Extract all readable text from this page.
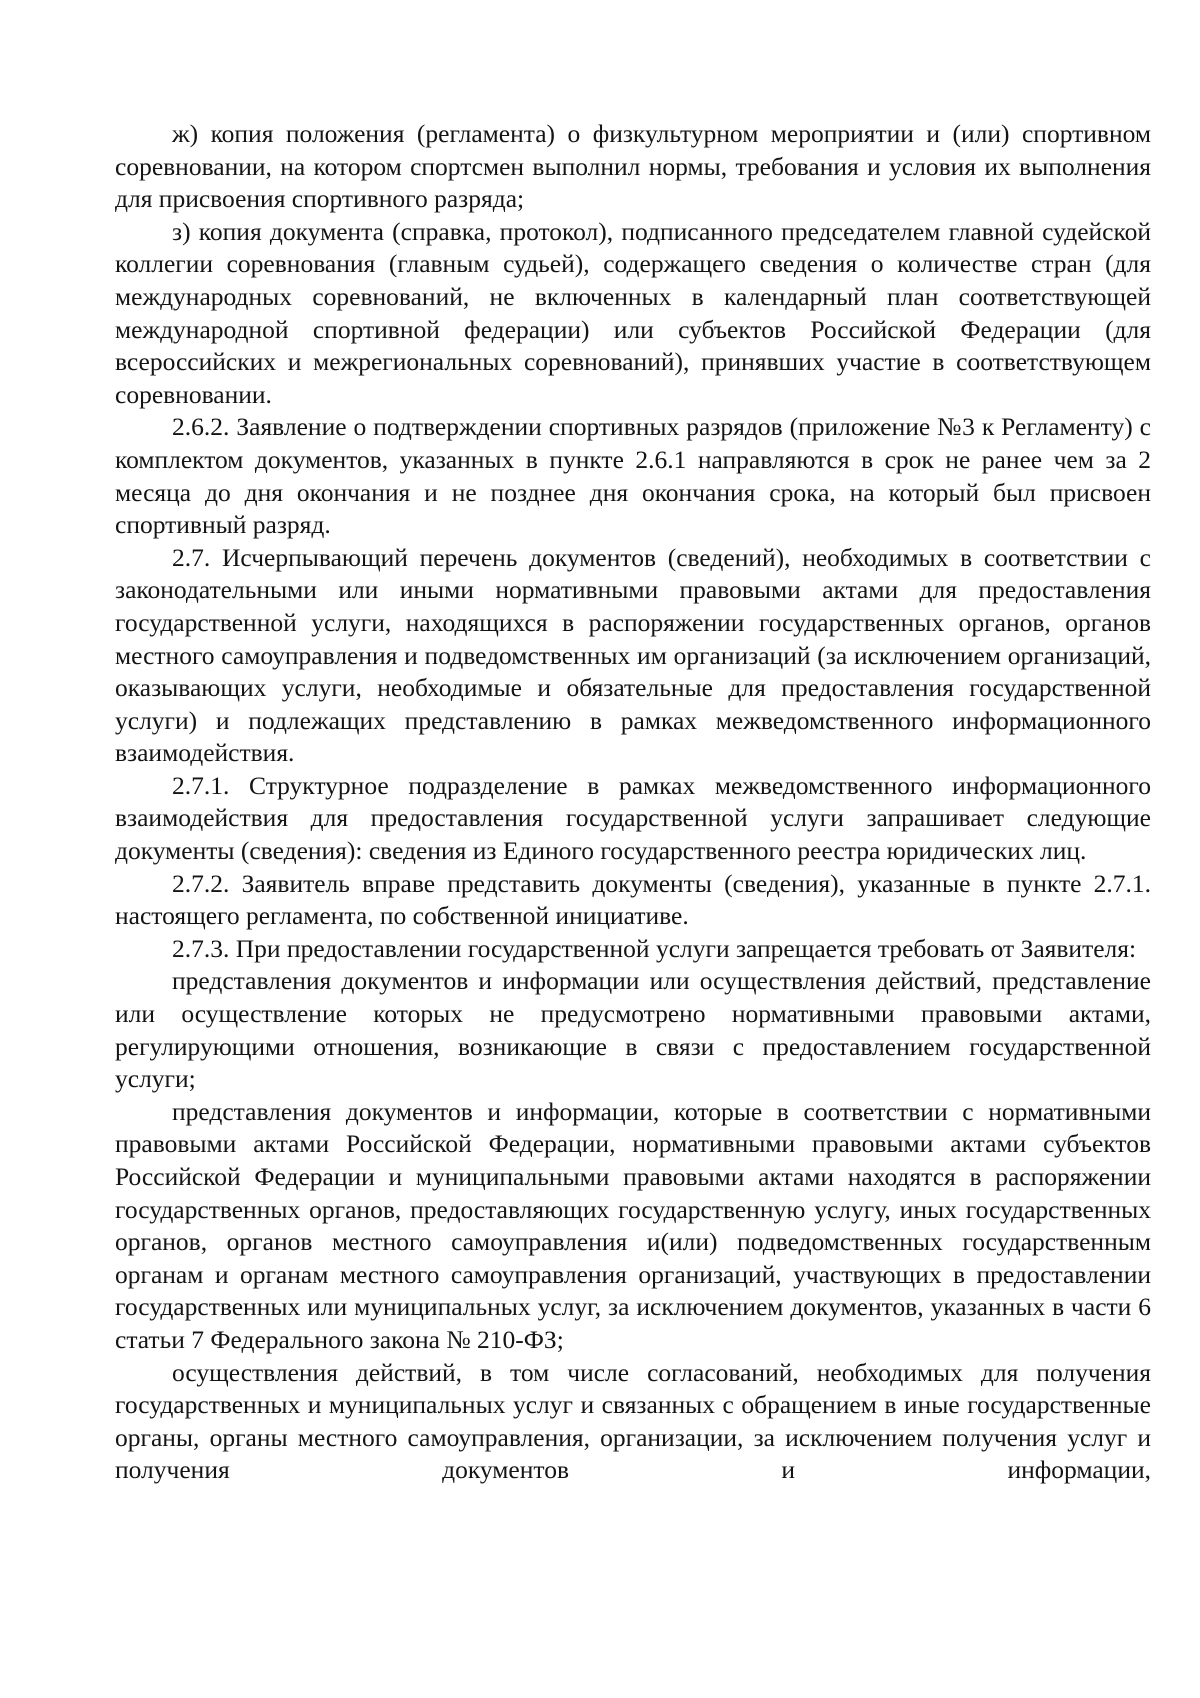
ж) копия положения (регламента) о физкультурном мероприятии и (или) спортивном соревновании, на котором спортсмен выполнил нормы, требования и условия их выполнения для присвоения спортивного разряда;

з) копия документа (справка, протокол), подписанного председателем главной судейской коллегии соревнования (главным судьей), содержащего сведения о количестве стран (для международных соревнований, не включенных в календарный план соответствующей международной спортивной федерации) или субъектов Российской Федерации (для всероссийских и межрегиональных соревнований), принявших участие в соответствующем соревновании.

2.6.2. Заявление о подтверждении спортивных разрядов (приложение №3 к Регламенту) с комплектом документов, указанных в пункте 2.6.1 направляются в срок не ранее чем за 2 месяца до дня окончания и не позднее дня окончания срока, на который был присвоен спортивный разряд.

2.7. Исчерпывающий перечень документов (сведений), необходимых в соответствии с законодательными или иными нормативными правовыми актами для предоставления государственной услуги, находящихся в распоряжении государственных органов, органов местного самоуправления и подведомственных им организаций (за исключением организаций, оказывающих услуги, необходимые и обязательные для предоставления государственной услуги) и подлежащих представлению в рамках межведомственного информационного взаимодействия.

2.7.1. Структурное подразделение в рамках межведомственного информационного взаимодействия для предоставления государственной услуги запрашивает следующие документы (сведения): сведения из Единого государственного реестра юридических лиц.

2.7.2. Заявитель вправе представить документы (сведения), указанные в пункте 2.7.1. настоящего регламента, по собственной инициативе.

2.7.3. При предоставлении государственной услуги запрещается требовать от Заявителя:

представления документов и информации или осуществления действий, представление или осуществление которых не предусмотрено нормативными правовыми актами, регулирующими отношения, возникающие в связи с предоставлением государственной услуги;

представления документов и информации, которые в соответствии с нормативными правовыми актами Российской Федерации, нормативными правовыми актами субъектов Российской Федерации и муниципальными правовыми актами находятся в распоряжении государственных органов, предоставляющих государственную услугу, иных государственных органов, органов местного самоуправления и(или) подведомственных государственным органам и органам местного самоуправления организаций, участвующих в предоставлении государственных или муниципальных услуг, за исключением документов, указанных в части 6 статьи 7 Федерального закона № 210-ФЗ;

осуществления действий, в том числе согласований, необходимых для получения государственных и муниципальных услуг и связанных с обращением в иные государственные органы, органы местного самоуправления, организации, за исключением получения услуг и получения документов и информации,
